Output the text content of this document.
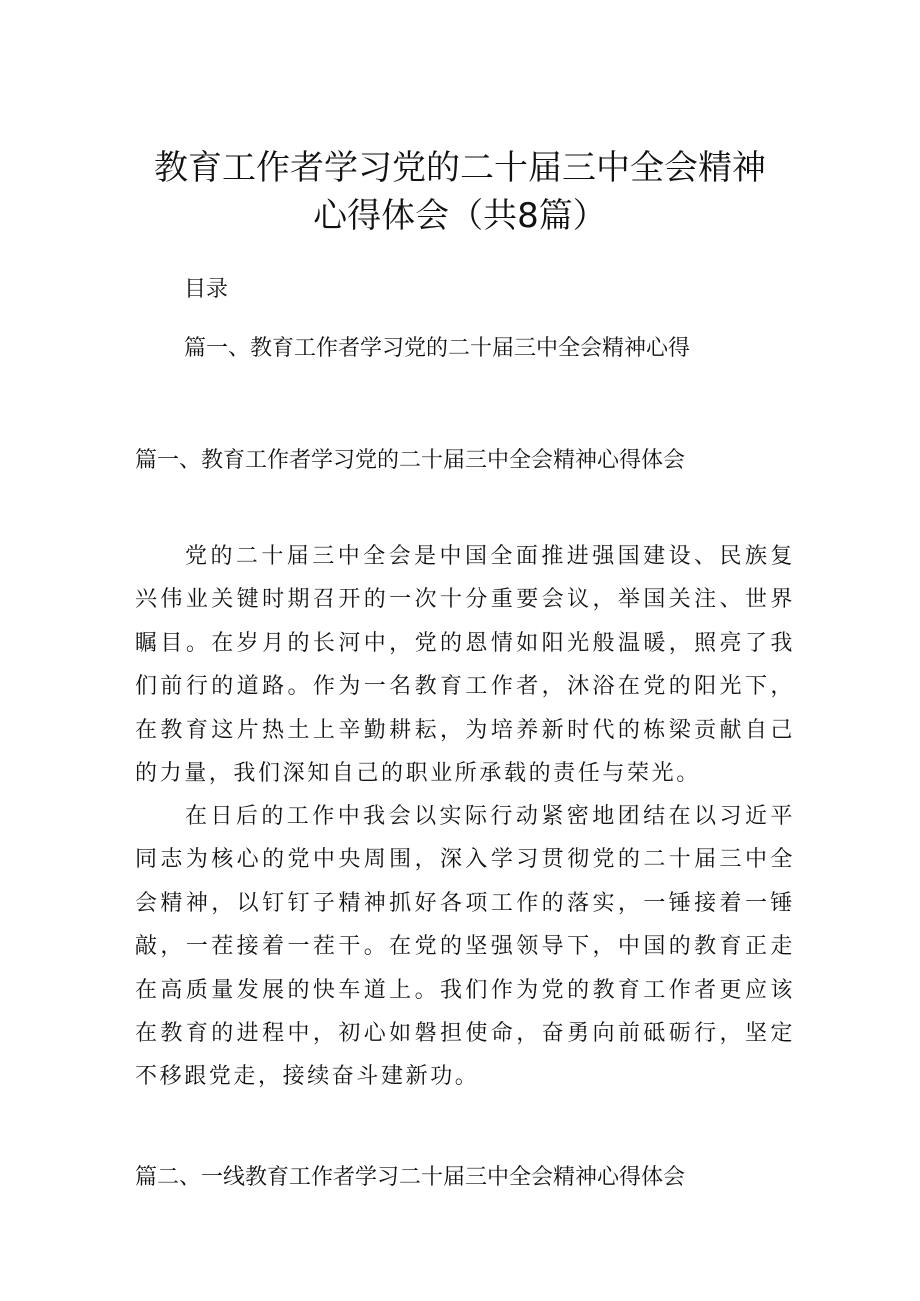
教育工作者学习党的二十届三中全会精神
心得体会（共8篇）
目录
篇一、教育工作者学习党的二十届三中全会精神心得
篇一、教育工作者学习党的二十届三中全会精神心得体会

党的二十届三中全会是中国全面推进强国建设、民族复兴伟业关键时期召开的一次十分重要会议，举国关注、世界瞩目。在岁月的长河中，党的恩情如阳光般温暖，照亮了我们前行的道路。作为一名教育工作者，沐浴在党的阳光下，在教育这片热土上辛勤耕耘，为培养新时代的栋梁贡献自己的力量，我们深知自己的职业所承载的责任与荣光。

在日后的工作中我会以实际行动紧密地团结在以习近平同志为核心的党中央周围，深入学习贯彻党的二十届三中全会精神，以钉钉子精神抓好各项工作的落实，一锤接着一锤敲，一茬接着一茬干。在党的坚强领导下，中国的教育正走在高质量发展的快车道上。我们作为党的教育工作者更应该在教育的进程中，初心如磐担使命，奋勇向前砥砺行，坚定不移跟党走，接续奋斗建新功。

篇二、一线教育工作者学习二十届三中全会精神心得体会
